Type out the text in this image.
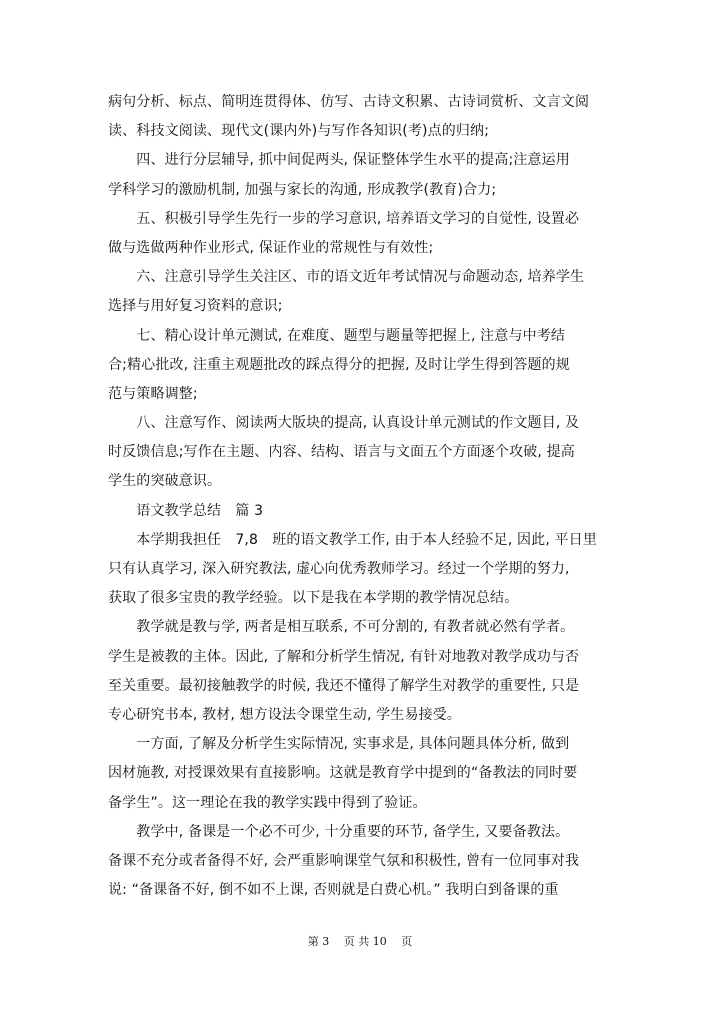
病句分析、标点、简明连贯得体、仿写、古诗文积累、古诗词赏析、文言文阅
读、科技文阅读、现代文(课内外)与写作各知识(考)点的归纳;
　　四、进行分层辅导, 抓中间促两头, 保证整体学生水平的提高;注意运用
学科学习的激励机制, 加强与家长的沟通, 形成教学(教育)合力;
　　五、积极引导学生先行一步的学习意识, 培养语文学习的自觉性, 设置必
做与选做两种作业形式, 保证作业的常规性与有效性;
　　六、注意引导学生关注区、市的语文近年考试情况与命题动态, 培养学生
选择与用好复习资料的意识;
　　七、精心设计单元测试, 在难度、题型与题量等把握上, 注意与中考结
合;精心批改, 注重主观题批改的踩点得分的把握, 及时让学生得到答题的规
范与策略调整;
　　八、注意写作、阅读两大版块的提高, 认真设计单元测试的作文题目, 及
时反馈信息;写作在主题、内容、结构、语言与文面五个方面逐个攻破, 提高
学生的突破意识。
　　语文教学总结　篇 3
　　本学期我担任　7,8　班的语文教学工作, 由于本人经验不足, 因此, 平日里
只有认真学习, 深入研究教法, 虚心向优秀教师学习。经过一个学期的努力,
获取了很多宝贵的教学经验。以下是我在本学期的教学情况总结。
　　教学就是教与学, 两者是相互联系, 不可分割的, 有教者就必然有学者。
学生是被教的主体。因此, 了解和分析学生情况, 有针对地教对教学成功与否
至关重要。最初接触教学的时候, 我还不懂得了解学生对教学的重要性, 只是
专心研究书本, 教材, 想方设法令课堂生动, 学生易接受。
　　一方面, 了解及分析学生实际情况, 实事求是, 具体问题具体分析, 做到
因材施教, 对授课效果有直接影响。这就是教育学中提到的“备教法的同时要
备学生”。这一理论在我的教学实践中得到了验证。
　　教学中, 备课是一个必不可少, 十分重要的环节, 备学生, 又要备教法。
备课不充分或者备得不好, 会严重影响课堂气氛和积极性, 曾有一位同事对我
说: “备课备不好, 倒不如不上课, 否则就是白费心机。” 我明白到备课的重
第 3　 页 共 10　 页
